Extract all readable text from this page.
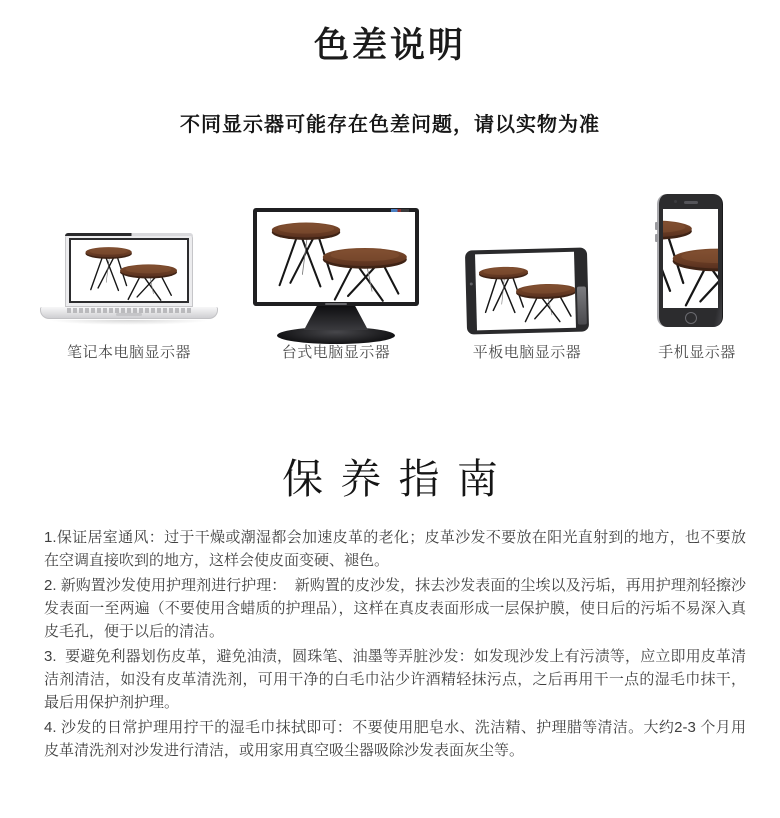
色差说明
不同显示器可能存在色差问题，请以实物为准
笔记本电脑显示器	台式电脑显示器	平板电脑显示器	手机显示器
保养指南

1.保证居室通风：过于干燥或潮湿都会加速皮革的老化；皮革沙发不要放在阳光直射到的地方，也不要放在空调直接吹到的地方，这样会使皮面变硬、褪色。

2. 新购置沙发使用护理剂进行护理：  新购置的皮沙发，抹去沙发表面的尘埃以及污垢，再用护理剂轻擦沙发表面一至两遍（不要使用含蜡质的护理品），这样在真皮表面形成一层保护膜，使日后的污垢不易深入真皮毛孔，便于以后的清洁。

3.  要避免利器划伤皮革，避免油渍，圆珠笔、油墨等弄脏沙发：如发现沙发上有污渍等，应立即用皮革清洁剂清洁，如没有皮革清洗剂，可用干净的白毛巾沾少许酒精轻抹污点，之后再用干一点的湿毛巾抹干，最后用保护剂护理。

4. 沙发的日常护理用拧干的湿毛巾抹拭即可：不要使用肥皂水、洗洁精、护理腊等清洁。大约2-3 个月用皮革清洗剂对沙发进行清洁，或用家用真空吸尘器吸除沙发表面灰尘等。
